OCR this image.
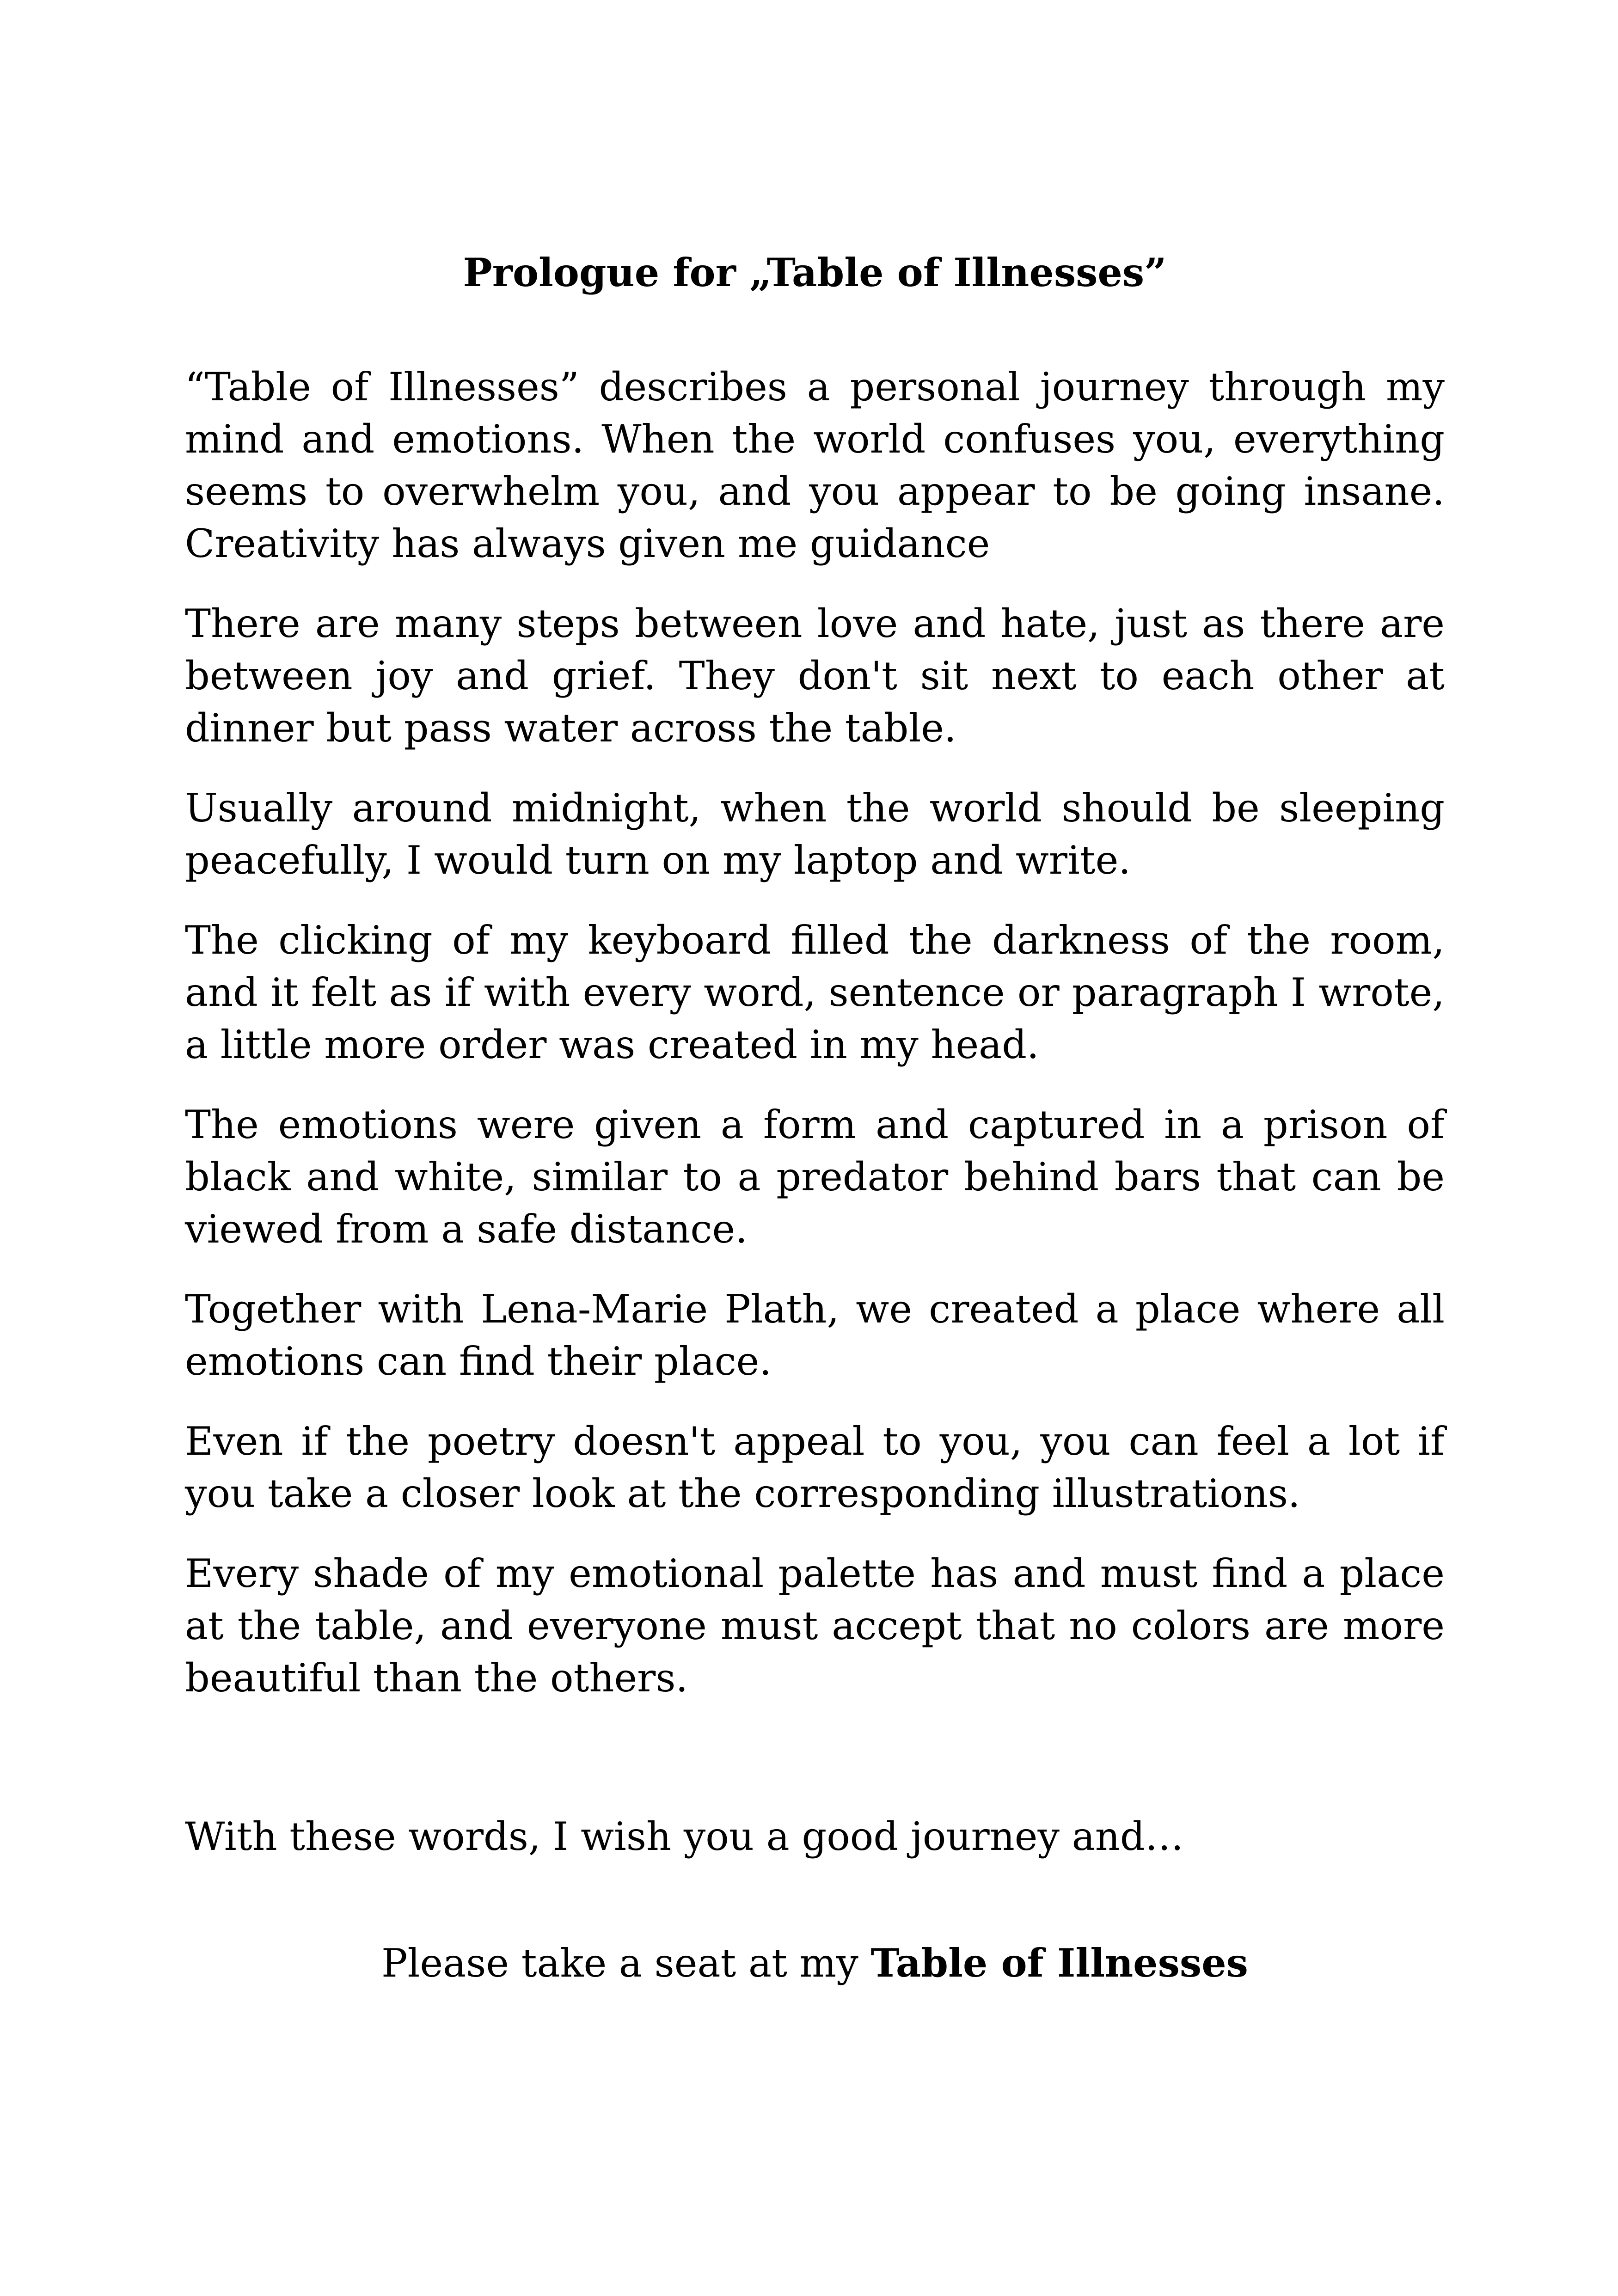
Prologue for „Table of Illnesses”

“Table of Illnesses” describes a personal journey through my mind and emotions. When the world confuses you, everything seems to overwhelm you, and you appear to be going insane. Creativity has always given me guidance

There are many steps between love and hate, just as there are between joy and grief. They don't sit next to each other at dinner but pass water across the table.

Usually around midnight, when the world should be sleeping peacefully, I would turn on my laptop and write.

The clicking of my keyboard filled the darkness of the room, and it felt as if with every word, sentence or paragraph I wrote, a little more order was created in my head.

The emotions were given a form and captured in a prison of black and white, similar to a predator behind bars that can be viewed from a safe distance.

Together with Lena-Marie Plath, we created a place where all emotions can find their place.

Even if the poetry doesn't appeal to you, you can feel a lot if you take a closer look at the corresponding illustrations.

Every shade of my emotional palette has and must find a place at the table, and everyone must accept that no colors are more beautiful than the others.

With these words, I wish you a good journey and…

Please take a seat at my Table of Illnesses
